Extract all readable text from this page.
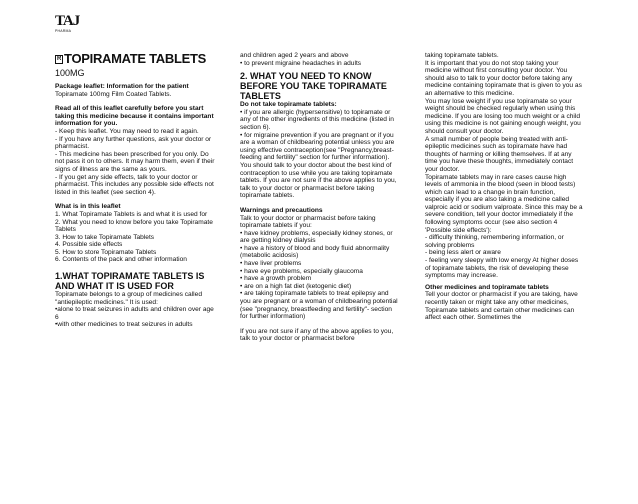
TAJ
PHARMA
R TOPIRAMATE TABLETS
100MG

Package leaflet: Information for the patient

Topiramate 100mg Film Coated Tablets.

Read all of this leaflet carefully before you start taking this medicine because it contains important information for you.

- Keep this leaflet. You may need to read it again.

- If you have any further questions, ask your doctor or pharmacist.

- This medicine has been prescribed for you only. Do not pass it on to others. It may harm them, even if their signs of illness are the same as yours.

- If you get any side effects, talk to your doctor or pharmacist. This includes any possible side effects not listed in this leaflet (see section 4).

What is in this leaflet

1. What Topiramate Tablets is and what it is used for
2. What you need to know before you take Topiramate Tablets
3. How to take Topiramate Tablets
4. Possible side effects
5. How to store Topiramate Tablets
6. Contents of the pack and other information

1.WHAT TOPIRAMATE TABLETS IS AND WHAT IT IS USED FOR

Topiramate belongs to a group of medicines called "antiepileptic medicines." It is used:

•alone to treat seizures in adults and children over age 6

•with other medicines to treat seizures in adults

and children aged 2 years and above

• to prevent migraine headaches in adults

2. WHAT YOU NEED TO KNOW BEFORE YOU TAKE TOPIRAMATE TABLETS

Do not take topiramate tablets:

• if you are allergic (hypersensitive) to topiramate or any of the other ingredients of this medicine (listed in section 6).

• for migraine prevention if you are pregnant or if you are a woman of childbearing potential unless you are using effective contraception(see "Pregnancy,breast-feeding and fertility" section for further information). You should talk to your doctor about the best kind of contraception to use while you are taking topiramate tablets. If you are not sure if the above applies to you, talk to your doctor or pharmacist before taking topiramate tablets.

Warnings and precautions

Talk to your doctor or pharmacist before taking topiramate tablets if you:

• have kidney problems, especially kidney stones, or are getting kidney dialysis

• have a history of blood and body fluid abnormality (metabolic acidosis)

• have liver problems

• have eye problems, especially glaucoma

• have a growth problem

• are on a high fat diet (ketogenic diet)

• are taking topiramate tablets to treat epilepsy and you are pregnant or a woman of childbearing potential (see "pregnancy, breastfeeding and fertility"- section for further information)

If you are not sure if any of the above applies to you, talk to your doctor or pharmacist before

taking topiramate tablets.

It is important that you do not stop taking your medicine without first consulting your doctor. You should also to talk to your doctor before taking any medicine containing topiramate that is given to you as an alternative to this medicine.

You may lose weight if you use topiramate so your weight should be checked regularly when using this medicine. If you are losing too much weight or a child using this medicine is not gaining enough weight, you should consult your doctor.

A small number of people being treated with anti-epileptic medicines such as topiramate have had thoughts of harming or killing themselves. If at any time you have these thoughts, immediately contact your doctor.

Topiramate tablets may in rare cases cause high levels of ammonia in the blood (seen in blood tests) which can lead to a change in brain function, especially if you are also taking a medicine called valproic acid or sodium valproate. Since this may be a severe condition, tell your doctor immediately if the following symptoms occur (see also section 4 'Possible side effects'):

- difficulty thinking, remembering information, or solving problems

- being less alert or aware

- feeling very sleepy with low energy At higher doses of topiramate tablets, the risk of developing these symptoms may increase.

Other medicines and topiramate tablets

Tell your doctor or pharmacist if you are taking, have recently taken or might take any other medicines, Topiramate tablets and certain other medicines can affect each other. Sometimes the
